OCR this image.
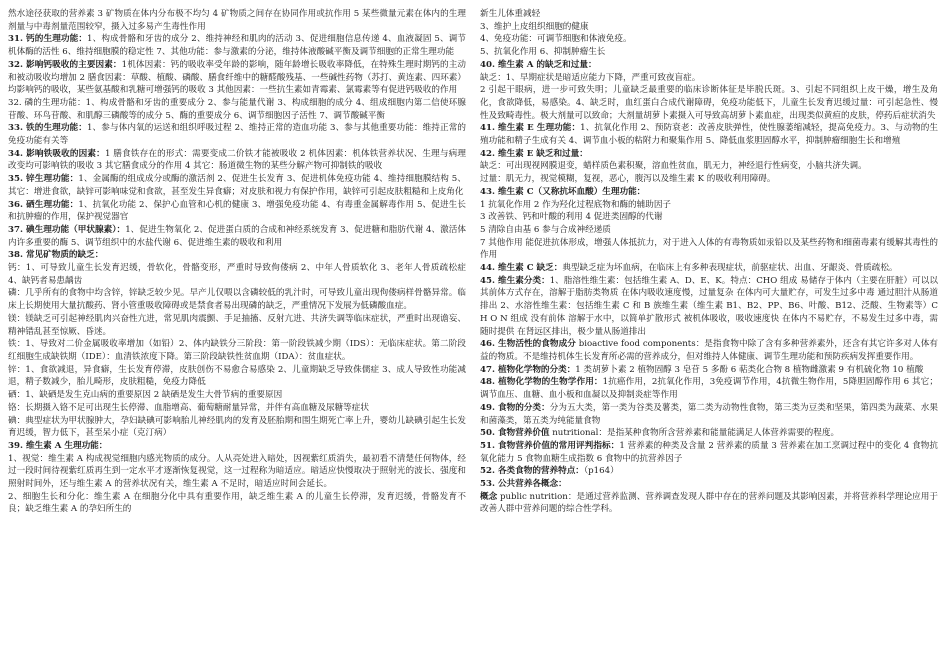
然水途径获取的营养素 3 矿物质在体内分布极不均匀 4 矿物质之间存在协同作用或抗作用 5 某些微量元素在体内的生理剂量与中毒剂量范围较窄，摄入过多易产生毒性作用

31. 钙的生理功能：1、构成骨骼和牙齿的成分 2、维持神经和肌肉的活动 3、促进细胞信息传递 4、血液凝固 5、调节机体酶的活性 6、维持细胞膜的稳定性 7、其他功能：参与激素的分泌，维持体液酸碱平衡及调节细胞的正常生理功能

32. 影响钙吸收的主要因素：1机体因素：钙的吸收率受年龄的影响，随年龄增长吸收率降低，在特殊生理时期钙的主动和被动吸收均增加 2 膳食因素：草酸、植酸、磷酸、膳食纤维中的糖醛酸残基、一些碱性药物（苏打、黄连素、四环素）均影响钙的吸收，某些氨基酸和乳糖可增强钙的吸收 3 其他因素：一些抗生素如青霉素、氯霉素等有促进钙吸收的作用

32. 磷的生理功能：1、构成骨骼和牙齿的重要成分 2、参与能量代谢 3、构成细胞的成分 4、组成细胞内第二信使环腺苷酸、环鸟苷酸、和肌醇三磷酸等的成分 5、酶的重要成分 6、调节细胞因子活性 7、调节酸碱平衡

33. 铁的生理功能：1、参与体内氧的运送和组织呼吸过程 2、维持正常的造血功能 3、参与其他重要功能：维持正常的免疫功能有关等

34. 影响铁吸收的因素：1 膳食铁存在的形式：需要变成二价铁才能被吸收 2 机体因素：机体铁营养状况、生理与病理改变均可影响铁的吸收 3 其它膳食成分的作用 4 其它：肠道微生物的某些分解产物可抑制铁的吸收

35. 锌生理功能：1、金属酶的组成成分或酶的激活剂 2、促进生长发育 3、促进机体免疫功能 4、维持细胞膜结构 5、其它：增进食欲，缺锌可影响味觉和食欲，甚至发生异食癖；对皮肤和视力有保护作用，缺锌可引起皮肤粗糙和上皮角化

36. 硒生理功能：1、抗氧化功能 2、保护心血管和心机的健康 3、增强免疫功能 4、有毒重金属解毒作用 5、促进生长和抗肿瘤的作用，保护视觉器官

37. 碘生理功能（甲状腺素）：1、促进生物氧化 2、促进蛋白质的合成和神经系统发育 3、促进糖和脂肪代谢 4、激活体内许多重要的酶 5、调节组织中的水盐代谢 6、促进维生素的吸收和利用

38. 常见矿物质的缺乏：

钙：1、可导致儿童生长发育迟缓，骨软化，骨骼变形，严重时导致佝偻病 2、中年人骨质软化 3、老年人骨质疏松症 4、缺钙者易患龋齿

磷：几乎所有的食物中均含锌，锌缺乏较少见。早产儿仅喂以含磷较低的乳汁时，可导致儿童出现佝偻病样骨骼异常。临床上长期使用大量抗酸药、肾小管重吸收障碍或是禁食者易出现磷的缺乏，严重情况下发展为低磷酸血症。

镁：镁缺乏可引起神经肌肉兴奋性亢进，常见肌肉震颤、手足抽搐、反射亢进、共济失调等临床症状，严重时出现谵妄、精神错乱甚至惊厥、昏迷。

铁：1、导致对二价金属吸收率增加（如铅）2、体内缺铁分三阶段：第一阶段铁减少期（IDS）：无临床症状。第二阶段红细胞生成缺铁期（IDE）：血清铁浓度下降。第三阶段缺铁性贫血期（IDA）：贫血症状。

锌：1、食欲减退，异食癖，生长发育停滞，皮肤创伤不易愈合易感染 2、儿童期缺乏导致侏儒症 3、成人导致性功能减退，精子数减少，胎儿畸形，皮肤粗糙，免疫力降低

硒：1、缺硒是发生克山病的重要原因 2 缺硒是发生大骨节病的重要原因

铬：长期摄入铬不足可出现生长停滞、血脂增高、葡萄糖耐量异常，并伴有高血糖及尿糖等症状

碘：典型症状为甲状腺肿大，孕妇缺碘可影响胎儿神经肌肉的发育及胚胎期和围生期死亡率上升，婴幼儿缺碘引起生长发育迟缓，智力低下，甚至呆小症（克汀病）

39. 维生素 A 生理功能：

1、视觉：维生素 A 构成视觉细胞内感光物质的成分。人从亮处进入暗处，因视紫红质消失，最初看不清楚任何物体，经过一段时间待视紫红质再生到一定水平才逐渐恢复视觉，这一过程称为暗适应。暗适应快慢取决于照射光的波长、强度和照射时间外，还与维生素 A 的营养状况有关，维生素 A 不足时，暗适应时间会延长。

2、细胞生长和分化：维生素 A 在细胞分化中具有重要作用，缺乏维生素 A 的儿童生长停滞，发育迟缓，骨骼发育不良；缺乏维生素 A 的孕妇所生的

新生儿体重减轻

3、维护上皮组织细胞的健康

4、免疫功能：可调节细胞和体液免疫。

5、抗氧化作用 6、抑制肿瘤生长

40. 维生素 A 的缺乏和过量：

缺乏：1、早期症状是暗适应能力下降，严重可致夜盲症。

2 引起干眼病，进一步可致失明；儿童缺乏最重要的临床诊断体征是毕脱氏斑。3、引起不同组织上皮干燥，增生及角化，食欲降低，易感染。4、缺乏时，血红蛋白合成代谢障碍，免疫功能低下，儿童生长发育迟缓过量：可引起急性、慢性及致畸毒性。极大剂量可以致命；大剂量胡萝卜素摄入可导致高胡萝卜素血症，出现类似黄疸的皮肤，停药后症状消失

41. 维生素 E 生理功能：1、抗氧化作用 2、预防衰老：改善皮肤弹性，使性腺萎缩减轻，提高免疫力。3、与动物的生殖功能和精子生成有关 4、调节血小板的粘附力和聚集作用 5、降低血浆胆固醇水平，抑制肿瘤细胞生长和增殖

42. 维生素 E 缺乏和过量：

缺乏：可出现视网膜退变，蜡样质色素积聚，溶血性贫血，肌无力，神经退行性病变，小脑共济失调。

过量：肌无力，视觉模糊，复视，恶心，腹泻以及维生素 K 的吸收利用障碍。

43. 维生素 C（又称抗坏血酸）生理功能：

1 抗氧化作用 2 作为羟化过程底物和酶的辅助因子

3 改善铁、钙和叶酸的利用 4 促进类固醇的代谢

5 清除自由基 6 参与合成神经递质

7 其他作用 能促进抗体形成，增强人体抵抗力，对于进入人体的有毒物质如汞铅以及某些药物和细菌毒素有缓解其毒性的作用

44. 维生素 C 缺乏：典型缺乏症为坏血病，在临床上有多种表现症状，前驱症状、出血、牙龈炎、骨质疏松。

45. 维生素分类：1、脂溶性维生素：包括维生素 A、D、E、K。特点：CHO 组成 易储存于体内（主要在肝脏）可以以其前体方式存在，溶解于脂肪类物质 在体内吸收速度慢，过量复杂 在体内可大量贮存，可发生过多中毒 通过胆汁从肠道排出 2、水溶性维生素：包括维生素 C 和 B 族维生素（维生素 B1、B2、PP、B6、叶酸、B12、泛酸、生物素等）C H O N 组成 没有前体 溶解于水中，以简单扩散形式 被机体吸收，吸收速度快 在体内不易贮存，不易发生过多中毒，需随时提供 在肾远区排出，极少量从肠道排出

46. 生物活性的食物成分 bioactive food components：是指食物中除了含有多种营养素外，还含有其它许多对人体有益的物质。不是维持机体生长发育所必需的营养成分，但对维持人体健康、调节生理功能和预防疾病发挥重要作用。

47. 植物化学物的分类：1 类胡萝卜素 2 植物固醇 3 皂苷 5 多酚 6 萜类化合物 8 植物雌激素 9 有机硫化物 10 植酸

48. 植物化学物的生物学作用：1抗癌作用，2抗氧化作用，3免疫调节作用，4抗微生物作用，5降胆固醇作用 6 其它；调节血压、血糖、血小板和血凝以及抑制炎症等作用

49. 食物的分类：分为五大类，第一类为谷类及薯类，第二类为动物性食物，第三类为豆类和坚果，第四类为蔬菜、水果和菌藻类，第五类为纯能量食物

50. 食物营养价值 nutritional：是指某种食物所含营养素和能量能满足人体营养需要的程度。

51. 食物营养价值的常用评判指标：1 营养素的种类及含量 2 营养素的质量 3 营养素在加工烹调过程中的变化 4 食物抗氧化能力 5 食物血糖生成指数 6 食物中的抗营养因子

52. 各类食物的营养特点：（p164）

53. 公共营养各概念：

概念 public nutrition：是通过营养监测、营养调查发现人群中存在的营养问题及其影响因素，并将营养科学理论应用于改善人群中营养问题的综合性学科。
